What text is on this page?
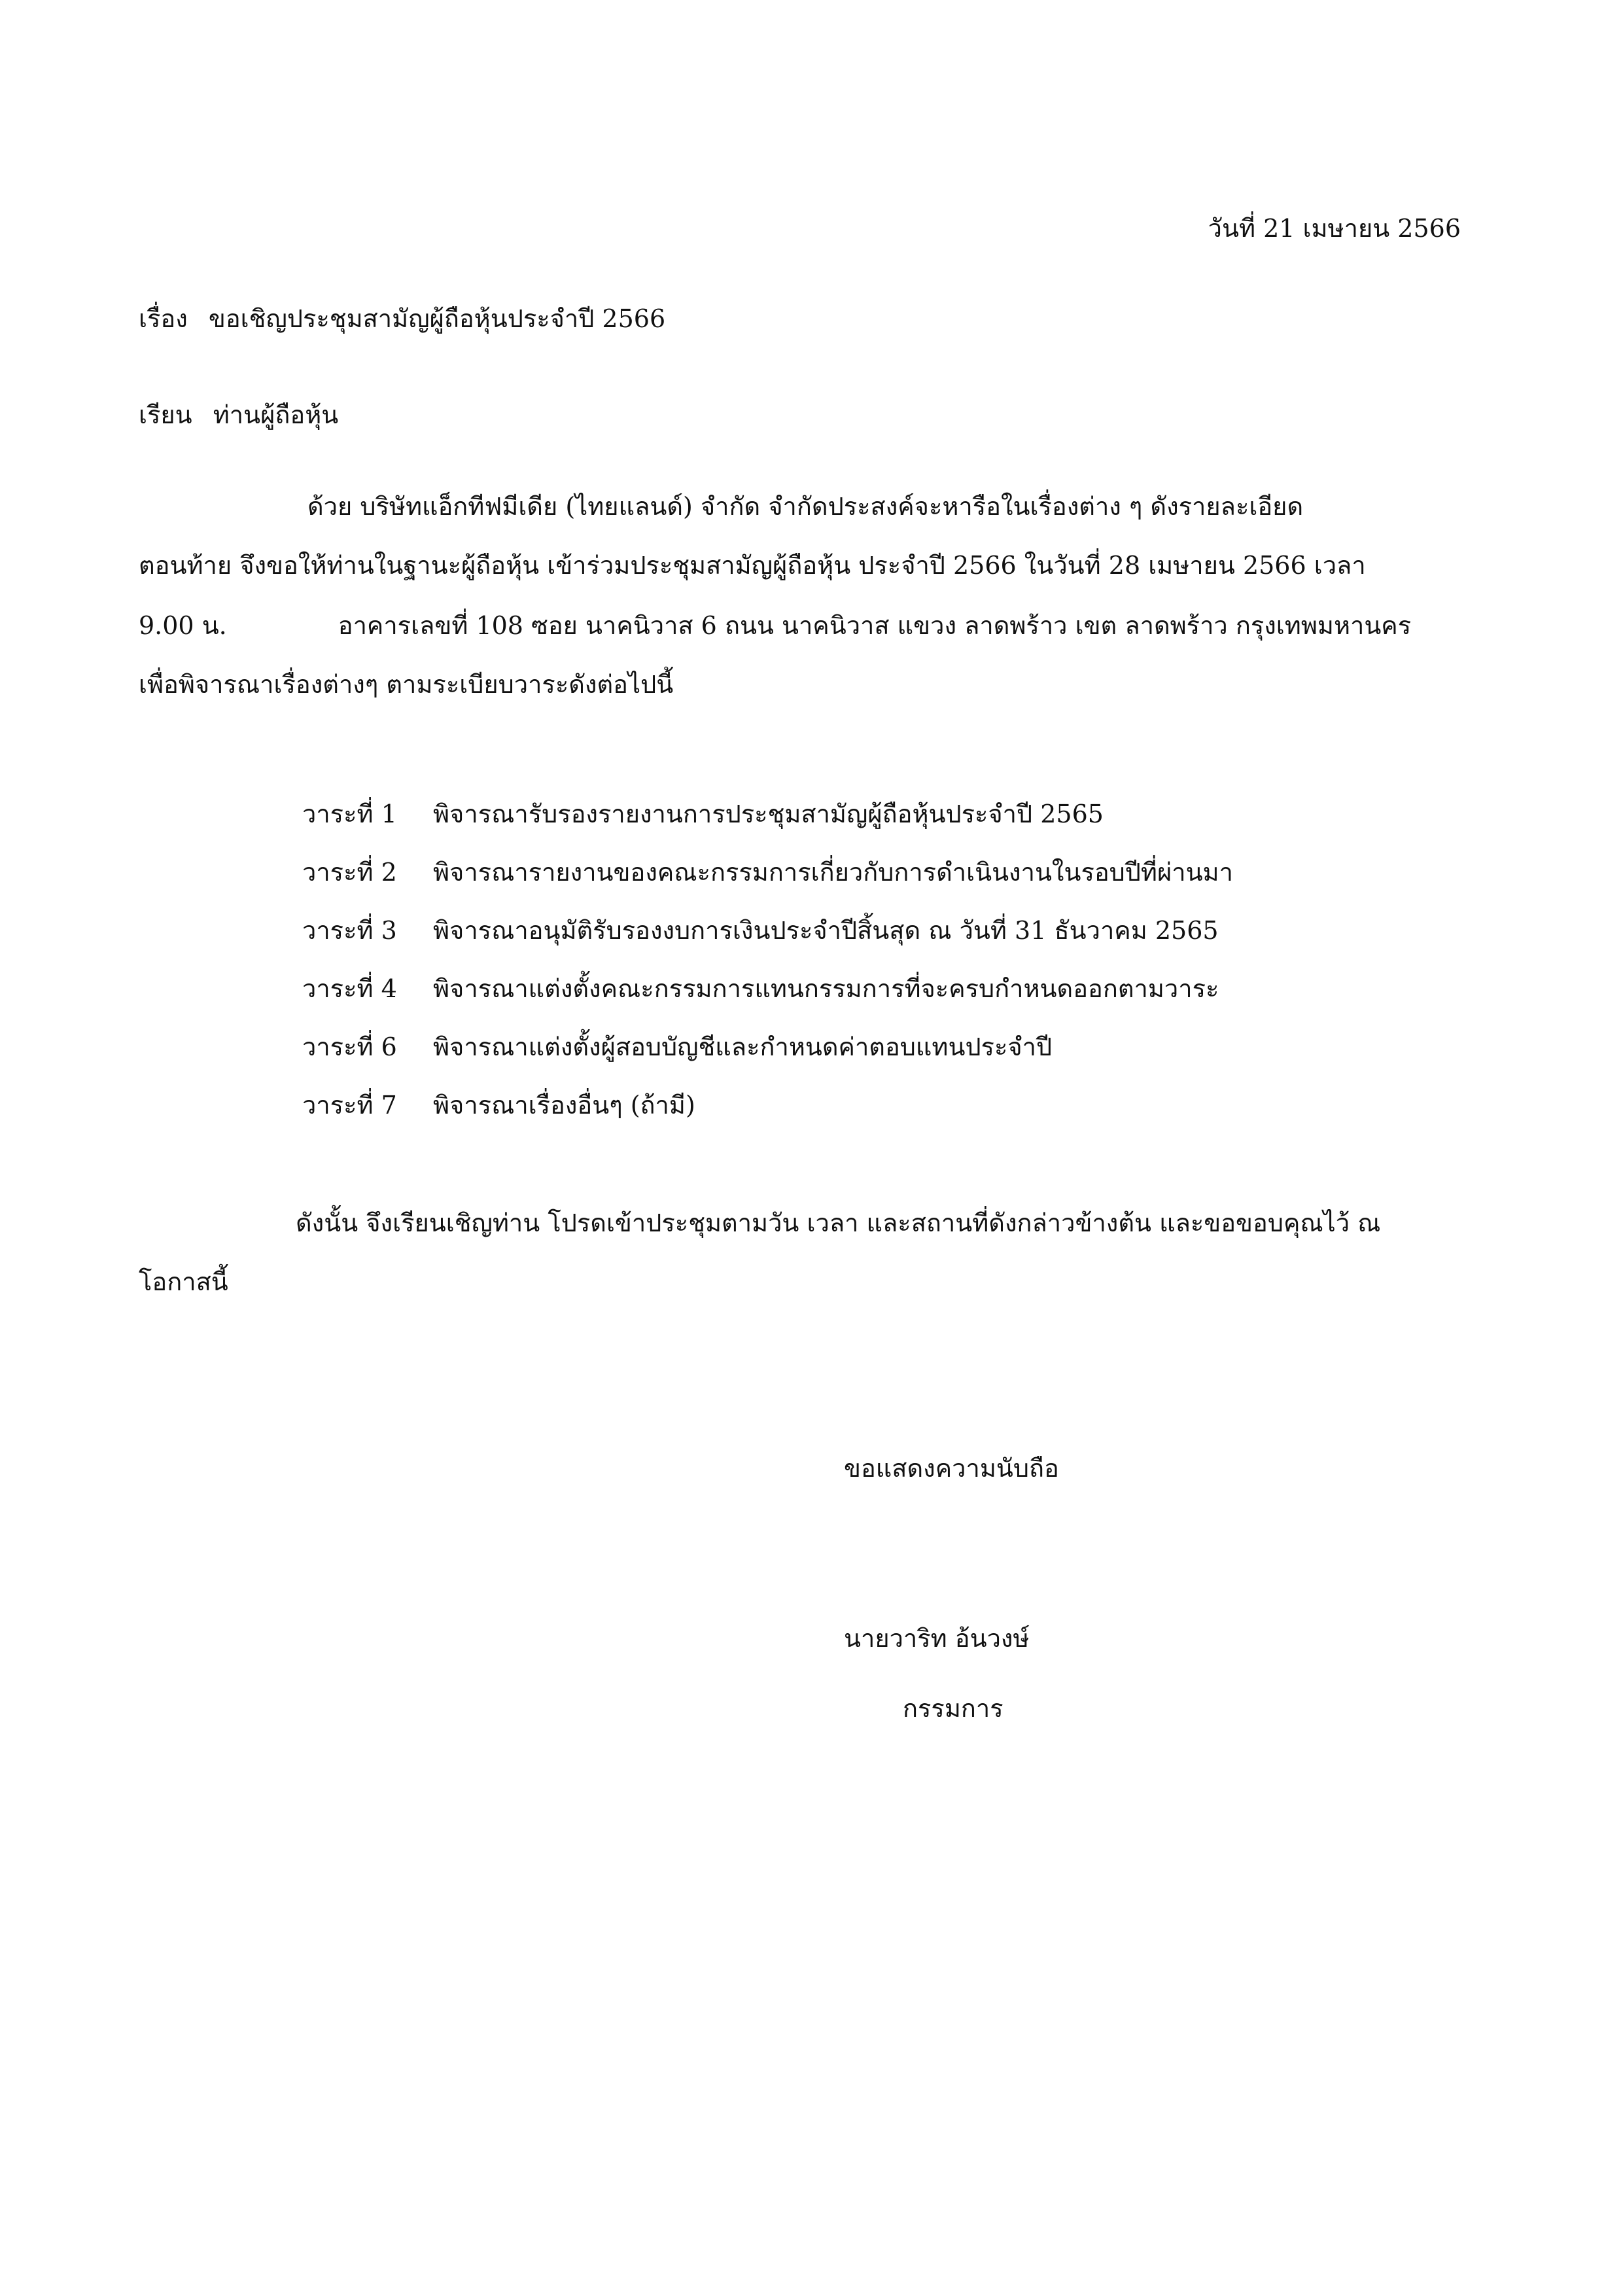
วันที่ 21 เมษายน 2566
เรื่อง ขอเชิญประชุมสามัญผู้ถือหุ้นประจำปี 2566
เรียน ท่านผู้ถือหุ้น
ด้วย บริษัทแอ็กทีฟมีเดีย (ไทยแลนด์) จำกัด จำกัดประสงค์จะหารือในเรื่องต่าง ๆ ดังรายละเอียด
ตอนท้าย จึงขอให้ท่านในฐานะผู้ถือหุ้น เข้าร่วมประชุมสามัญผู้ถือหุ้น ประจำปี 2566 ในวันที่ 28 เมษายน 2566 เวลา
9.00 น.	อาคารเลขที่ 108 ซอย นาคนิวาส 6 ถนน นาคนิวาส แขวง ลาดพร้าว เขต ลาดพร้าว กรุงเทพมหานคร
เพื่อพิจารณาเรื่องต่างๆ ตามระเบียบวาระดังต่อไปนี้
วาระที่ 1 พิจารณารับรองรายงานการประชุมสามัญผู้ถือหุ้นประจำปี 2565
วาระที่ 2 พิจารณารายงานของคณะกรรมการเกี่ยวกับการดำเนินงานในรอบปีที่ผ่านมา
วาระที่ 3 พิจารณาอนุมัติรับรองงบการเงินประจำปีสิ้นสุด ณ วันที่ 31 ธันวาคม 2565
วาระที่ 4 พิจารณาแต่งตั้งคณะกรรมการแทนกรรมการที่จะครบกำหนดออกตามวาระ
วาระที่ 6 พิจารณาแต่งตั้งผู้สอบบัญชีและกำหนดค่าตอบแทนประจำปี
วาระที่ 7 พิจารณาเรื่องอื่นๆ (ถ้ามี)
ดังนั้น จึงเรียนเชิญท่าน โปรดเข้าประชุมตามวัน เวลา และสถานที่ดังกล่าวข้างต้น และขอขอบคุณไว้ ณ
โอกาสนี้
ขอแสดงความนับถือ
นายวาริท อ้นวงษ์
กรรมการ
